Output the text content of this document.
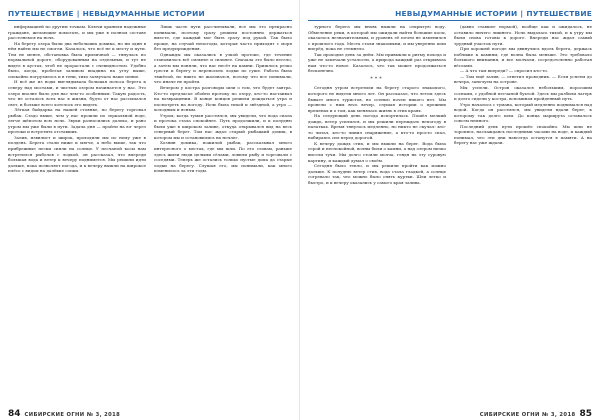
ПУТЕШЕСТВИЕ | НЕВЫДУМАННЫЕ ИСТОРИИ

информацией по другим точкам. Ключи хранили надежные граждане, желающие помогать, и мы уже в полном составе расселяемся на ночь.

На берегу озера были два небольших домика, но ни один в нём найти мы не смогли. Казалось, что всё не к месту и пути. Тем не менее, обстановка была приличной — тянулась по нормальной дороге, оборудованным на отдельных, и тут не видел в кустах, чтоб не прорастали с очевидностью. Удобно было, когда, пробегая заливом впадина на углу выше, спокойно погрузилось и в тени, тихо зазвучало наше пение.

И всё же из воды выглядывала большая полоса берега к северу над мостами, и чистым озером начинается у нас. Это озеро вполне было для нас чем-то особенным. Такую радость, что не осталось всех нас в жизни, будто от нас рассыпался свет, и больше всего хотелось его видеть.

Лёгкая байдарка на нашей стоянке, по берегу торговал рыбак. Стадо выше, чем у нас прошли по зеркальной воде, легче шёпотом всю ночь. Звуки разносились далеко, и рано утром мы уже были в пути. Задача дня — пройти на юг через протоки и встретить отставших.

Залив, извилист и широк, проходили мы по нему уже в полдень. Берега стали ниже и мягче, а небо выше, так что прибрежные пески сияли на солнце. У песчаной косы нам встретился рыболов с лодкой, он рассказал, что впереди большая вода и ветер к вечеру поднимется. Мы решили идти дальше, пока позволяет погода, и к вечеру вышли на широкое плёсо с видом на далёкие сопки.

Лишь часть пути рассчитывали, все мы это прекрасно понимали, поэтому сразу решили постоянно держаться вместе, где каждый мог быть сразу под рукой. Так было проще, на случай непогоды, которая часто приходит с моря без предупреждения.

Однажды мы оказались в узкой протоке, где течение становилось всё сильнее и сильнее. Сначала это было весело, а затем мы поняли, что нас несёт на камни. Пришлось резко грести к берегу и переносить лодки по суше. Работа была тяжёлой, но никто не жаловался, потому что все понимали, что иначе не пройти.

Вечером у костра разговоры шли о том, что будет завтра. Кто-то предлагал обойти протоку по озеру, кто-то настаивал на возвращении. В конце концов решили дождаться утра и посмотреть на погоду. Ночь была тихой и звёздной, а утро — холодным и ясным.

Утром, когда туман рассеялся, мы увидели, что вода спала и протока стала спокойнее. Путь продолжили, и к полудню были уже в широком заливе, откуда открывался вид на весь северный берег. Там нас ждал старый рыбацкий домик, в котором мы и остановились на ночлег.

Хозяин домика, пожилой рыбак, рассказывал много интересного о местах, где мы шли. По его словам, раньше здесь жили люди целыми сёлами, ловили рыбу и торговали с соседями. Теперь же остались только пустые дома да старые лодки на берегу. Слушая его, мы понимали, как много изменилось за эти годы.

84 СИБИРСКИЕ ОГНИ № 3, 2018
НЕВЫДУМАННЫЕ ИСТОРИИ | ПУТЕШЕСТВИЕ

турного берега мы вновь вышли на открытую воду. Обмеление реки, в которой мы ожидали найти большие косы, оказалось незначительным, и уровень её почти не изменился с прошлого года. Места стали знакомыми, и мы уверенно шли вперёд, пока не стемнело.

Так проходил день за днём. Мы привыкли к ритму похода и уже не замечали усталости, а природа каждый раз открывала нам что-то новое. Казалось, что так может продолжаться бесконечно.

***

Сегодня утром встретили на берегу старого знакомого, которого не видели много лет. Он рассказал, что летом здесь бывает много туристов, но осенью почти никого нет. Мы провели с ним весь вечер, слушая истории о прежних временах и о том, как менялась жизнь в этих краях.

На следующий день погода испортилась. Пошёл мелкий дождь, ветер усилился, и мы решили переждать непогоду в палатках. Время тянулось медленно, но никто не скучал: кто-то читал, кто-то чинил снаряжение, а кто-то просто спал, набираясь сил перед дорогой.

К вечеру дождь стих, и мы вышли на берег. Вода была серой и неспокойной, волны били о камни, а над озером низко висели тучи. Мы долго стояли молча, глядя на эту суровую картину, и каждый думал о своём.

Сегодня было тепло, и мы решили пройти как можно дальше. К полудню ветер стих, вода стала гладкой, а солнце согревало так, что можно было снять куртки. Шли легко и быстро, и к вечеру оказались у самого края залива.

(давно ставшее нормой), вообще как и ожидалось, не оставило ничего лишнего. Ночь выдалась тихой, и к утру мы были снова готовы к дороге. Впереди нас ждал самый трудный участок пути.

При хорошей погоде мы двинулись вдоль берега, держась поближе к камням, где волна была меньше. Это требовало большого внимания, и все молчали, сосредоточенно работая вёслами.

— А что там впереди? — спросил кто-то.

— Там ещё залив, — ответил проводник. — Если успеем до вечера, заночуем на острове.

Мы успели. Остров оказался небольшим, поросшим соснами, с удобной песчаной бухтой. Здесь мы разбили лагерь и долго сидели у костра, вспоминая пройденный путь.

Утро началось с тумана, который медленно поднимался над водой. Когда он рассеялся, мы увидели вдали берег, к которому так долго шли. До конца маршрута оставалось совсем немного.

Последний день пути прошёл спокойно. Мы шли не торопясь, наслаждаясь последними часами на воде, и каждый понимал, что эти дни навсегда останутся в памяти. А на берегу нас уже ждали.

СИБИРСКИЕ ОГНИ № 3, 2018 85
